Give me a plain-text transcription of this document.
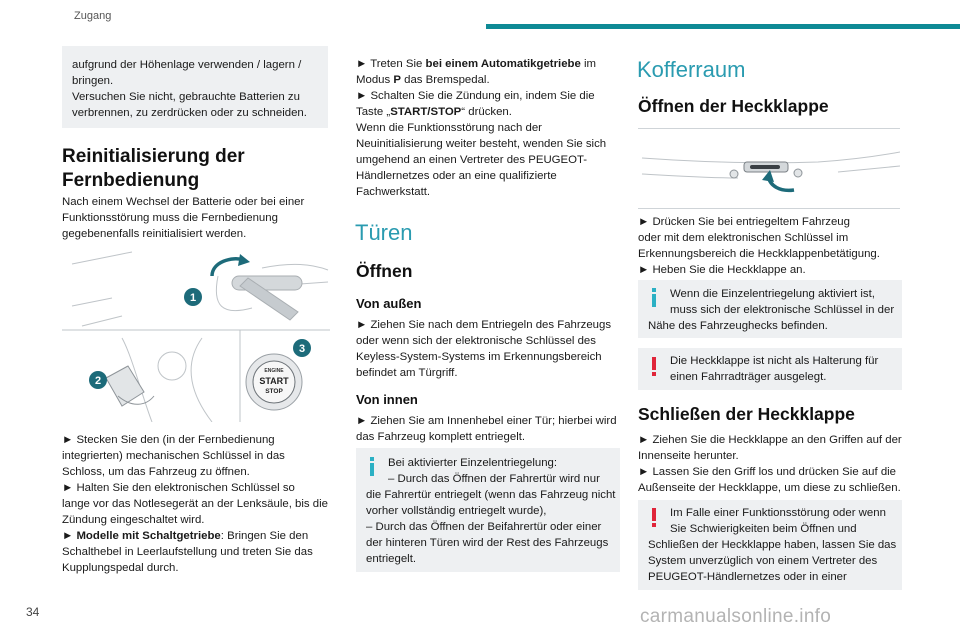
Zugang

aufgrund der Höhenlage verwenden / lagern /

bringen.

Versuchen Sie nicht, gebrauchte Batterien zu

verbrennen, zu zerdrücken oder zu schneiden.

Reinitialisierung der
Fernbedienung

Nach einem Wechsel der Batterie oder bei einer

Funktionsstörung muss die Fernbedienung

gegebenenfalls reinitialisiert werden.

1
2
ENGINE
START
STOP
3

► Stecken Sie den (in der Fernbedienung

integrierten) mechanischen Schlüssel in das

Schloss, um das Fahrzeug zu öffnen.

► Halten Sie den elektronischen Schlüssel so

lange vor das Notlesegerät an der Lenksäule, bis die

Zündung eingeschaltet wird.

► Modelle mit Schaltgetriebe: Bringen Sie den

Schalthebel in Leerlaufstellung und treten Sie das

Kupplungspedal durch.

► Treten Sie bei einem Automatikgetriebe im

Modus P das Bremspedal.

► Schalten Sie die Zündung ein, indem Sie die

Taste „START/STOP“ drücken.

Wenn die Funktionsstörung nach der

Neuinitialisierung weiter besteht, wenden Sie sich

umgehend an einen Vertreter des PEUGEOT-

Händlernetzes oder an eine qualifizierte

Fachwerkstatt.

Türen
Öffnen
Von außen

► Ziehen Sie nach dem Entriegeln des Fahrzeugs

oder wenn sich der elektronische Schlüssel des

Keyless-System-Systems im Erkennungsbereich

befindet am Türgriff.

Von innen

► Ziehen Sie am Innenhebel einer Tür; hierbei wird

das Fahrzeug komplett entriegelt.

Bei aktivierter Einzelentriegelung:

– Durch das Öffnen der Fahrertür wird nur

die Fahrertür entriegelt (wenn das Fahrzeug nicht

vorher vollständig entriegelt wurde),

– Durch das Öffnen der Beifahrertür oder einer

der hinteren Türen wird der Rest des Fahrzeugs

entriegelt.

Kofferraum
Öffnen der Heckklappe

► Drücken Sie bei entriegeltem Fahrzeug

oder mit dem elektronischen Schlüssel im

Erkennungsbereich die Heckklappenbetätigung.

► Heben Sie die Heckklappe an.

Wenn die Einzelentriegelung aktiviert ist,

muss sich der elektronische Schlüssel in der

Nähe des Fahrzeughecks befinden.

Die Heckklappe ist nicht als Halterung für

einen Fahrradträger ausgelegt.

Schließen der Heckklappe

► Ziehen Sie die Heckklappe an den Griffen auf der

Innenseite herunter.

► Lassen Sie den Griff los und drücken Sie auf die

Außenseite der Heckklappe, um diese zu schließen.

Im Falle einer Funktionsstörung oder wenn

Sie Schwierigkeiten beim Öffnen und

Schließen der Heckklappe haben, lassen Sie das

System unverzüglich von einem Vertreter des

PEUGEOT-Händlernetzes oder in einer

34	carmanualsonline.info
